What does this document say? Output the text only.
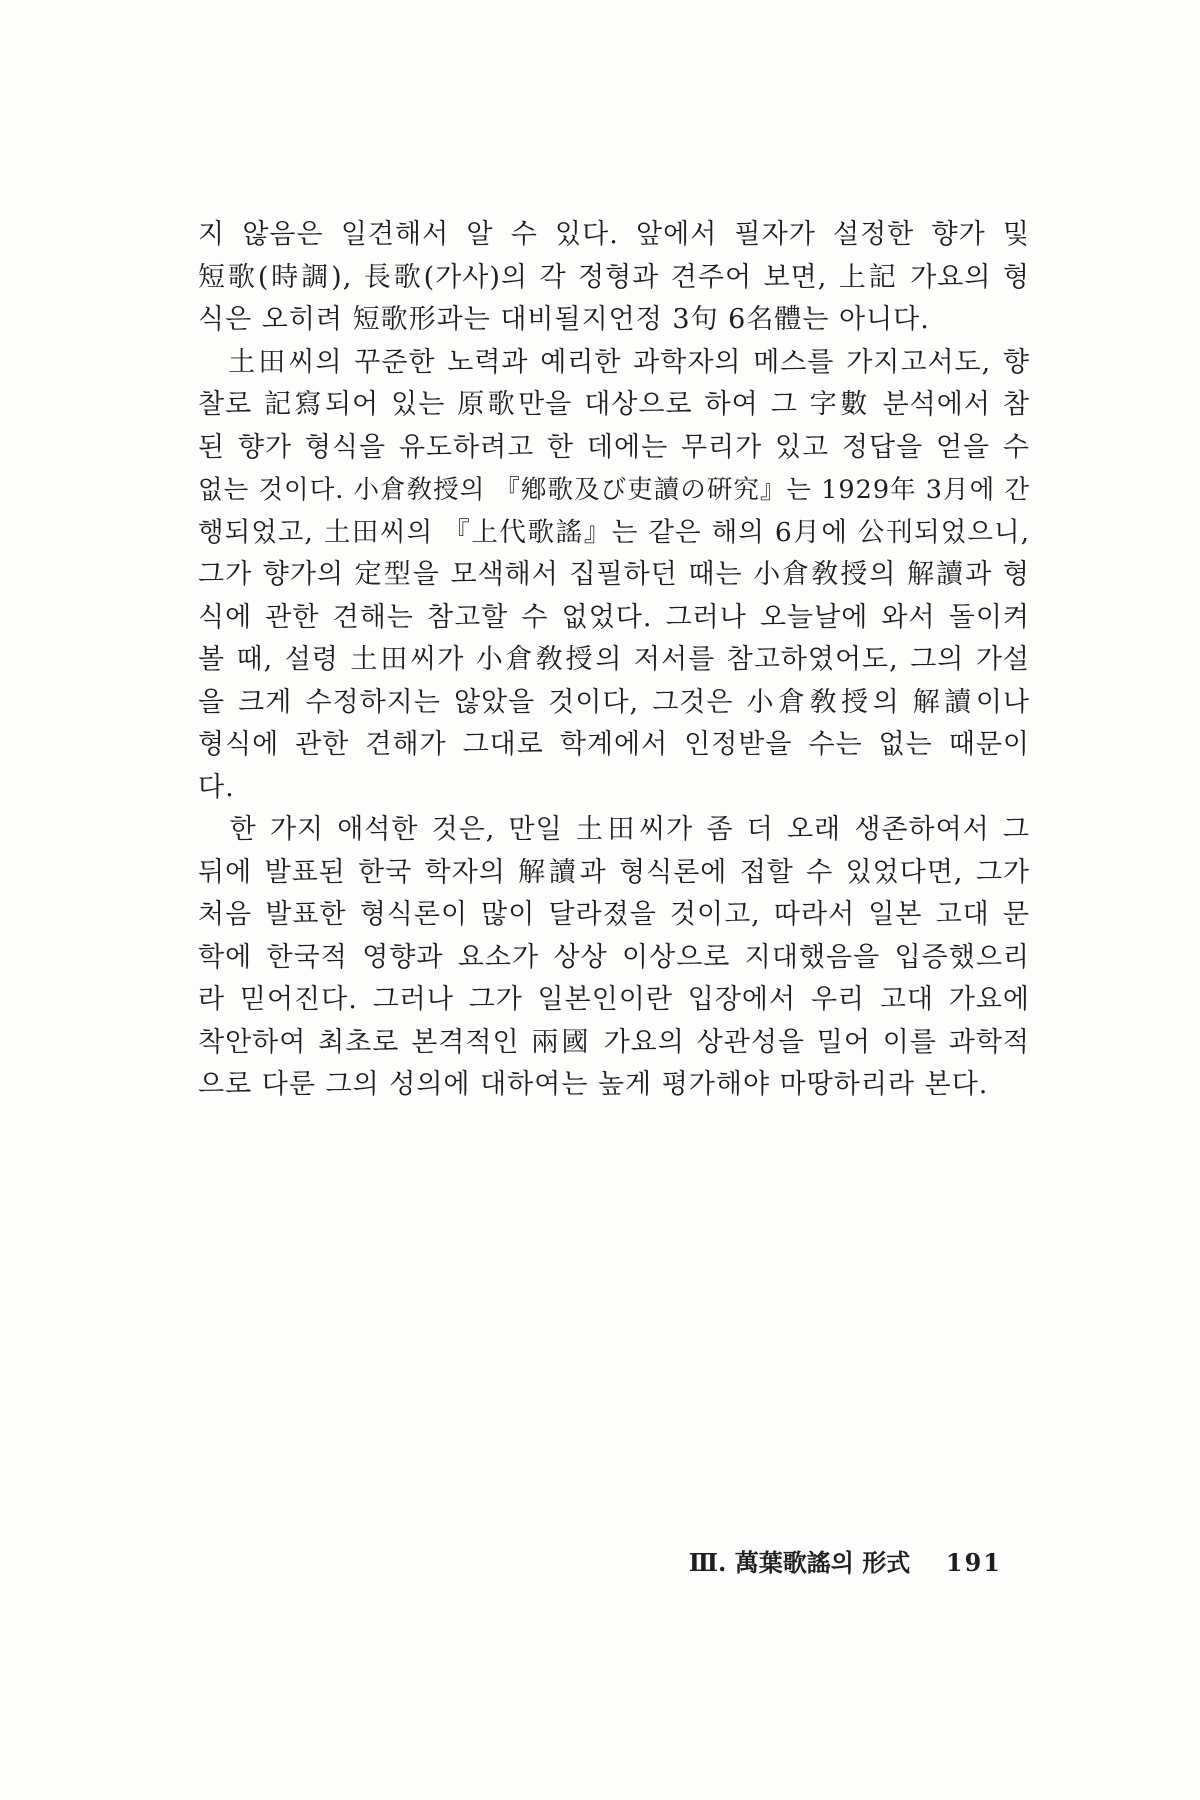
지 않음은 일견해서 알 수 있다. 앞에서 필자가 설정한 향가 및
短歌(時調), 長歌(가사)의 각 정형과 견주어 보면, 上記 가요의 형
식은 오히려 短歌形과는 대비될지언정 3句 6名體는 아니다.
　土田씨의 꾸준한 노력과 예리한 과학자의 메스를 가지고서도, 향
찰로 記寫되어 있는 原歌만을 대상으로 하여 그 字數 분석에서 참
된 향가 형식을 유도하려고 한 데에는 무리가 있고 정답을 얻을 수
없는 것이다. 小倉敎授의 『鄕歌及び吏讀の硏究』는 1929年 3月에 간
행되었고, 土田씨의 『上代歌謠』는 같은 해의 6月에 公刊되었으니,
그가 향가의 定型을 모색해서 집필하던 때는 小倉敎授의 解讀과 형
식에 관한 견해는 참고할 수 없었다. 그러나 오늘날에 와서 돌이켜
볼 때, 설령 土田씨가 小倉敎授의 저서를 참고하였어도, 그의 가설
을 크게 수정하지는 않았을 것이다, 그것은 小倉敎授의 解讀이나
형식에 관한 견해가 그대로 학계에서 인정받을 수는 없는 때문이
다.
　한 가지 애석한 것은, 만일 土田씨가 좀 더 오래 생존하여서 그
뒤에 발표된 한국 학자의 解讀과 형식론에 접할 수 있었다면, 그가
처음 발표한 형식론이 많이 달라졌을 것이고, 따라서 일본 고대 문
학에 한국적 영향과 요소가 상상 이상으로 지대했음을 입증했으리
라 믿어진다. 그러나 그가 일본인이란 입장에서 우리 고대 가요에
착안하여 최초로 본격적인 兩國 가요의 상관성을 밀어 이를 과학적
으로 다룬 그의 성의에 대하여는 높게 평가해야 마땅하리라 본다.
Ⅲ. 萬葉歌謠의 形式 191
